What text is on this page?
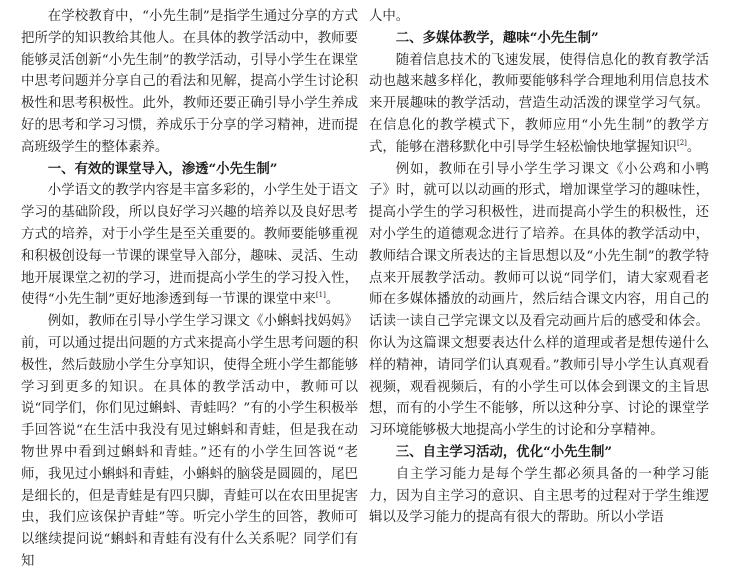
在学校教育中，“小先生制”是指学生通过分享的方式把所学的知识教给其他人。在具体的教学活动中，教师要能够灵活创新“小先生制”的教学活动，引导小学生在课堂中思考问题并分享自己的看法和见解，提高小学生讨论积极性和思考积极性。此外，教师还要正确引导小学生养成好的思考和学习习惯，养成乐于分享的学习精神，进而提高班级学生的整体素养。

一、有效的课堂导入，渗透“小先生制”

小学语文的教学内容是丰富多彩的，小学生处于语文学习的基础阶段，所以良好学习兴趣的培养以及良好思考方式的培养，对于小学生是至关重要的。教师要能够重视和积极创设每一节课的课堂导入部分，趣味、灵活、生动地开展课堂之初的学习，进而提高小学生的学习投入性，使得“小先生制”更好地渗透到每一节课的课堂中来[1]。

例如，教师在引导小学生学习课文《小蝌蚪找妈妈》前，可以通过提出问题的方式来提高小学生思考问题的积极性，然后鼓励小学生分享知识，使得全班小学生都能够学习到更多的知识。在具体的教学活动中，教师可以说“同学们，你们见过蝌蚪、青蛙吗？”有的小学生积极举手回答说“在生活中我没有见过蝌蚪和青蛙，但是我在动物世界中看到过蝌蚪和青蛙。”还有的小学生回答说“老师，我见过小蝌蚪和青蛙，小蝌蚪的脑袋是圆圆的，尾巴是细长的，但是青蛙是有四只脚，青蛙可以在农田里捉害虫，我们应该保护青蛙”等。听完小学生的回答，教师可以继续提问说“蝌蚪和青蛙有没有什么关系呢？同学们有知

人中。

二、多媒体教学，趣味“小先生制”

随着信息技术的飞速发展，使得信息化的教育教学活动也越来越多样化，教师要能够科学合理地利用信息技术来开展趣味的教学活动，营造生动活泼的课堂学习气氛。在信息化的教学模式下，教师应用“小先生制”的教学方式，能够在潜移默化中引导学生轻松愉快地掌握知识[2]。

例如，教师在引导小学生学习课文《小公鸡和小鸭子》时，就可以以动画的形式，增加课堂学习的趣味性，提高小学生的学习积极性，进而提高小学生的积极性，还对小学生的道德观念进行了培养。在具体的教学活动中，教师结合课文所表达的主旨思想以及“小先生制”的教学特点来开展教学活动。教师可以说“同学们，请大家观看老师在多媒体播放的动画片，然后结合课文内容，用自己的话读一读自己学完课文以及看完动画片后的感受和体会。你认为这篇课文想要表达什么样的道理或者是想传递什么样的精神，请同学们认真观看。”教师引导小学生认真观看视频，观看视频后，有的小学生可以体会到课文的主旨思想，而有的小学生不能够，所以这种分享、讨论的课堂学习环境能够极大地提高小学生的讨论和分享精神。

三、自主学习活动，优化“小先生制”

自主学习能力是每个学生都必须具备的一种学习能力，因为自主学习的意识、自主思考的过程对于学生维逻辑以及学习能力的提高有很大的帮助。所以小学语
